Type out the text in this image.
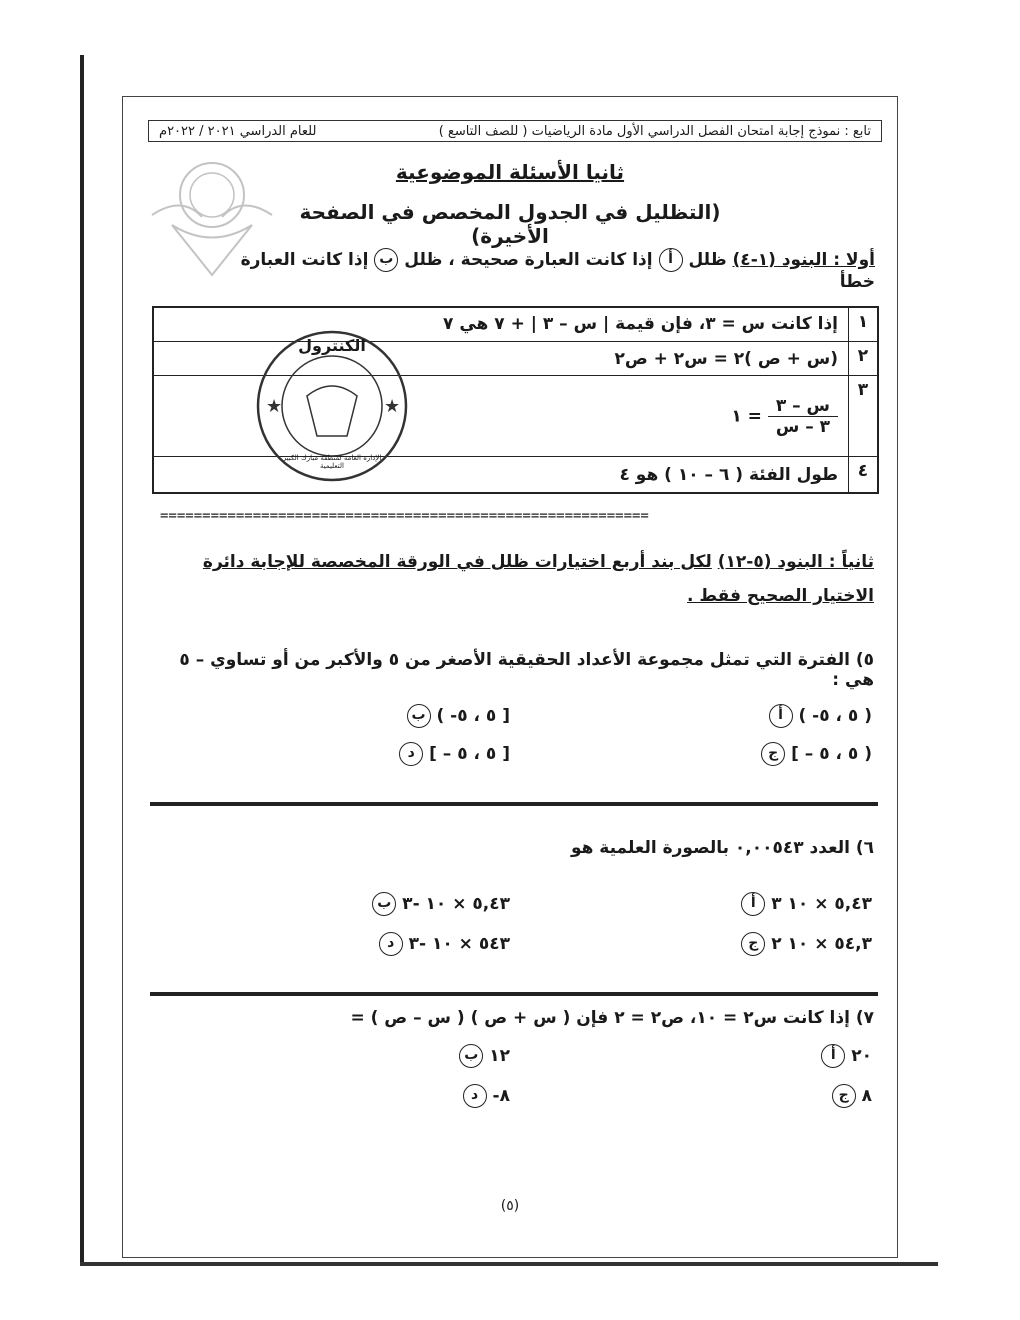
تابع : نموذج إجابة امتحان الفصل الدراسي الأول مادة الرياضيات ( للصف التاسع )
للعام الدراسي ٢٠٢١ / ٢٠٢٢م
ثانيا الأسئلة الموضوعية
(التظليل في الجدول المخصص في الصفحة الأخيرة)
أولا : البنود (١-٤) ظلل أ إذا كانت العبارة صحيحة ، ظلل ب إذا كانت العبارة خطأ
١	إذا كانت س = ٣، فإن قيمة | س – ٣ | + ٧ هي ٧
٢	(س + ص )٢ = س٢ + ص٢
٣	$\frac{\text{س – ٣}}{\text{٣ – س}}$
= ١
٤	طول الفئة ( ٦ – ١٠ ) هو ٤
★	★
الكنترول
الإدارة العامة لمنطقة مبارك الكبير التعليمية
==========================================================
ثانياً : البنود (٥-١٢) لكل بند أربع اختيارات ظلل في الورقة المخصصة للإجابة دائرة الاختيار الصحيح فقط .
٥) الفترة التي تمثل مجموعة الأعداد الحقيقية الأصغر من ٥ والأكبر من أو تساوي – ٥ هي :
أ ( -٥ ، ٥ )
ب ( -٥ ، ٥ ]
ج [ – ٥ ، ٥ )
د [ – ٥ ، ٥ ]
٦) العدد ٠,٠٠٥٤٣ بالصورة العلمية هو
أ ٥,٤٣ × ١٠ ٣
ب ٥,٤٣ × ١٠ -٣
ج ٥٤,٣ × ١٠ ٢
د ٥٤٣ × ١٠ -٣
٧) إذا كانت س٢ = ١٠، ص٢ = ٢ فإن ( س + ص ) ( س – ص ) =
أ ٢٠
ب ١٢
ج ٨
د -٨
(٥)
